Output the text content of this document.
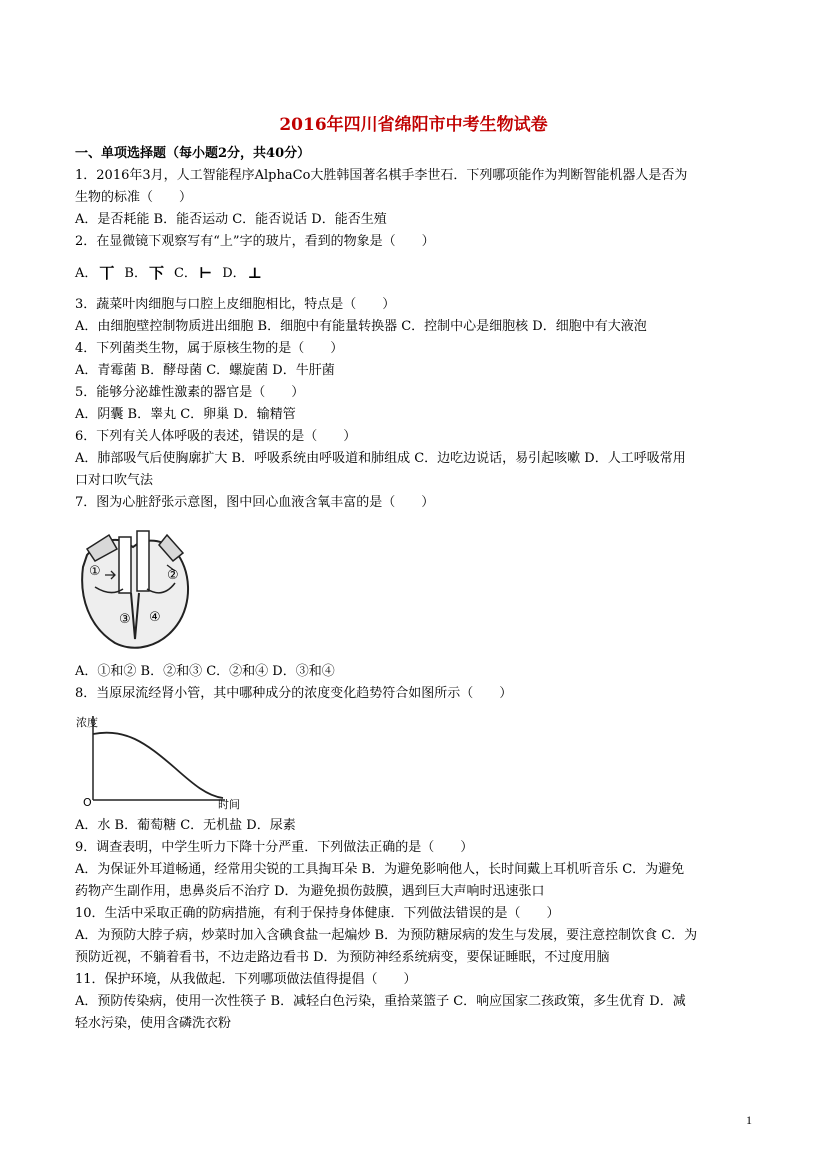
2016年四川省绵阳市中考生物试卷
一、单项选择题（每小题2分，共40分）
1．2016年3月，人工智能程序AlphaCo大胜韩国著名棋手李世石．下列哪项能作为判断智能机器人是否为
生物的标准（　　）
A．是否耗能 B．能否运动 C．能否说话 D．能否生殖
2．在显微镜下观察写有“上”字的玻片，看到的物象是（　　）
A． 丅 B． 下 C． ⊢ D． ⊥
3．蔬菜叶肉细胞与口腔上皮细胞相比，特点是（　　）
A．由细胞壁控制物质进出细胞 B．细胞中有能量转换器 C．控制中心是细胞核 D．细胞中有大液泡
4．下列菌类生物，属于原核生物的是（　　）
A．青霉菌 B．酵母菌 C．螺旋菌 D．牛肝菌
5．能够分泌雄性激素的器官是（　　）
A．阴囊 B．睾丸 C．卵巢 D．输精管
6．下列有关人体呼吸的表述，错误的是（　　）
A．肺部吸气后使胸廓扩大 B．呼吸系统由呼吸道和肺组成 C．边吃边说话，易引起咳嗽 D．人工呼吸常用
口对口吹气法
7．图为心脏舒张示意图，图中回心血液含氧丰富的是（　　）
①	②
③ ④
A．①和② B．②和③ C．②和④ D．③和④
8．当原尿流经肾小管，其中哪种成分的浓度变化趋势符合如图所示（　　）
浓度
O	时间
A．水 B．葡萄糖 C．无机盐 D．尿素
9．调查表明，中学生听力下降十分严重．下列做法正确的是（　　）
A．为保证外耳道畅通，经常用尖锐的工具掏耳朵 B．为避免影响他人，长时间戴上耳机听音乐 C．为避免
药物产生副作用，患鼻炎后不治疗 D．为避免损伤鼓膜，遇到巨大声响时迅速张口
10．生活中采取正确的防病措施，有利于保持身体健康．下列做法错误的是（　　）
A．为预防大脖子病，炒菜时加入含碘食盐一起煸炒 B．为预防糖尿病的发生与发展，要注意控制饮食 C．为
预防近视，不躺着看书，不边走路边看书 D．为预防神经系统病变，要保证睡眠，不过度用脑
11．保护环境，从我做起．下列哪项做法值得提倡（　　）
A．预防传染病，使用一次性筷子 B．减轻白色污染，重拾菜篮子 C．响应国家二孩政策，多生优育 D．减
轻水污染，使用含磷洗衣粉
1
